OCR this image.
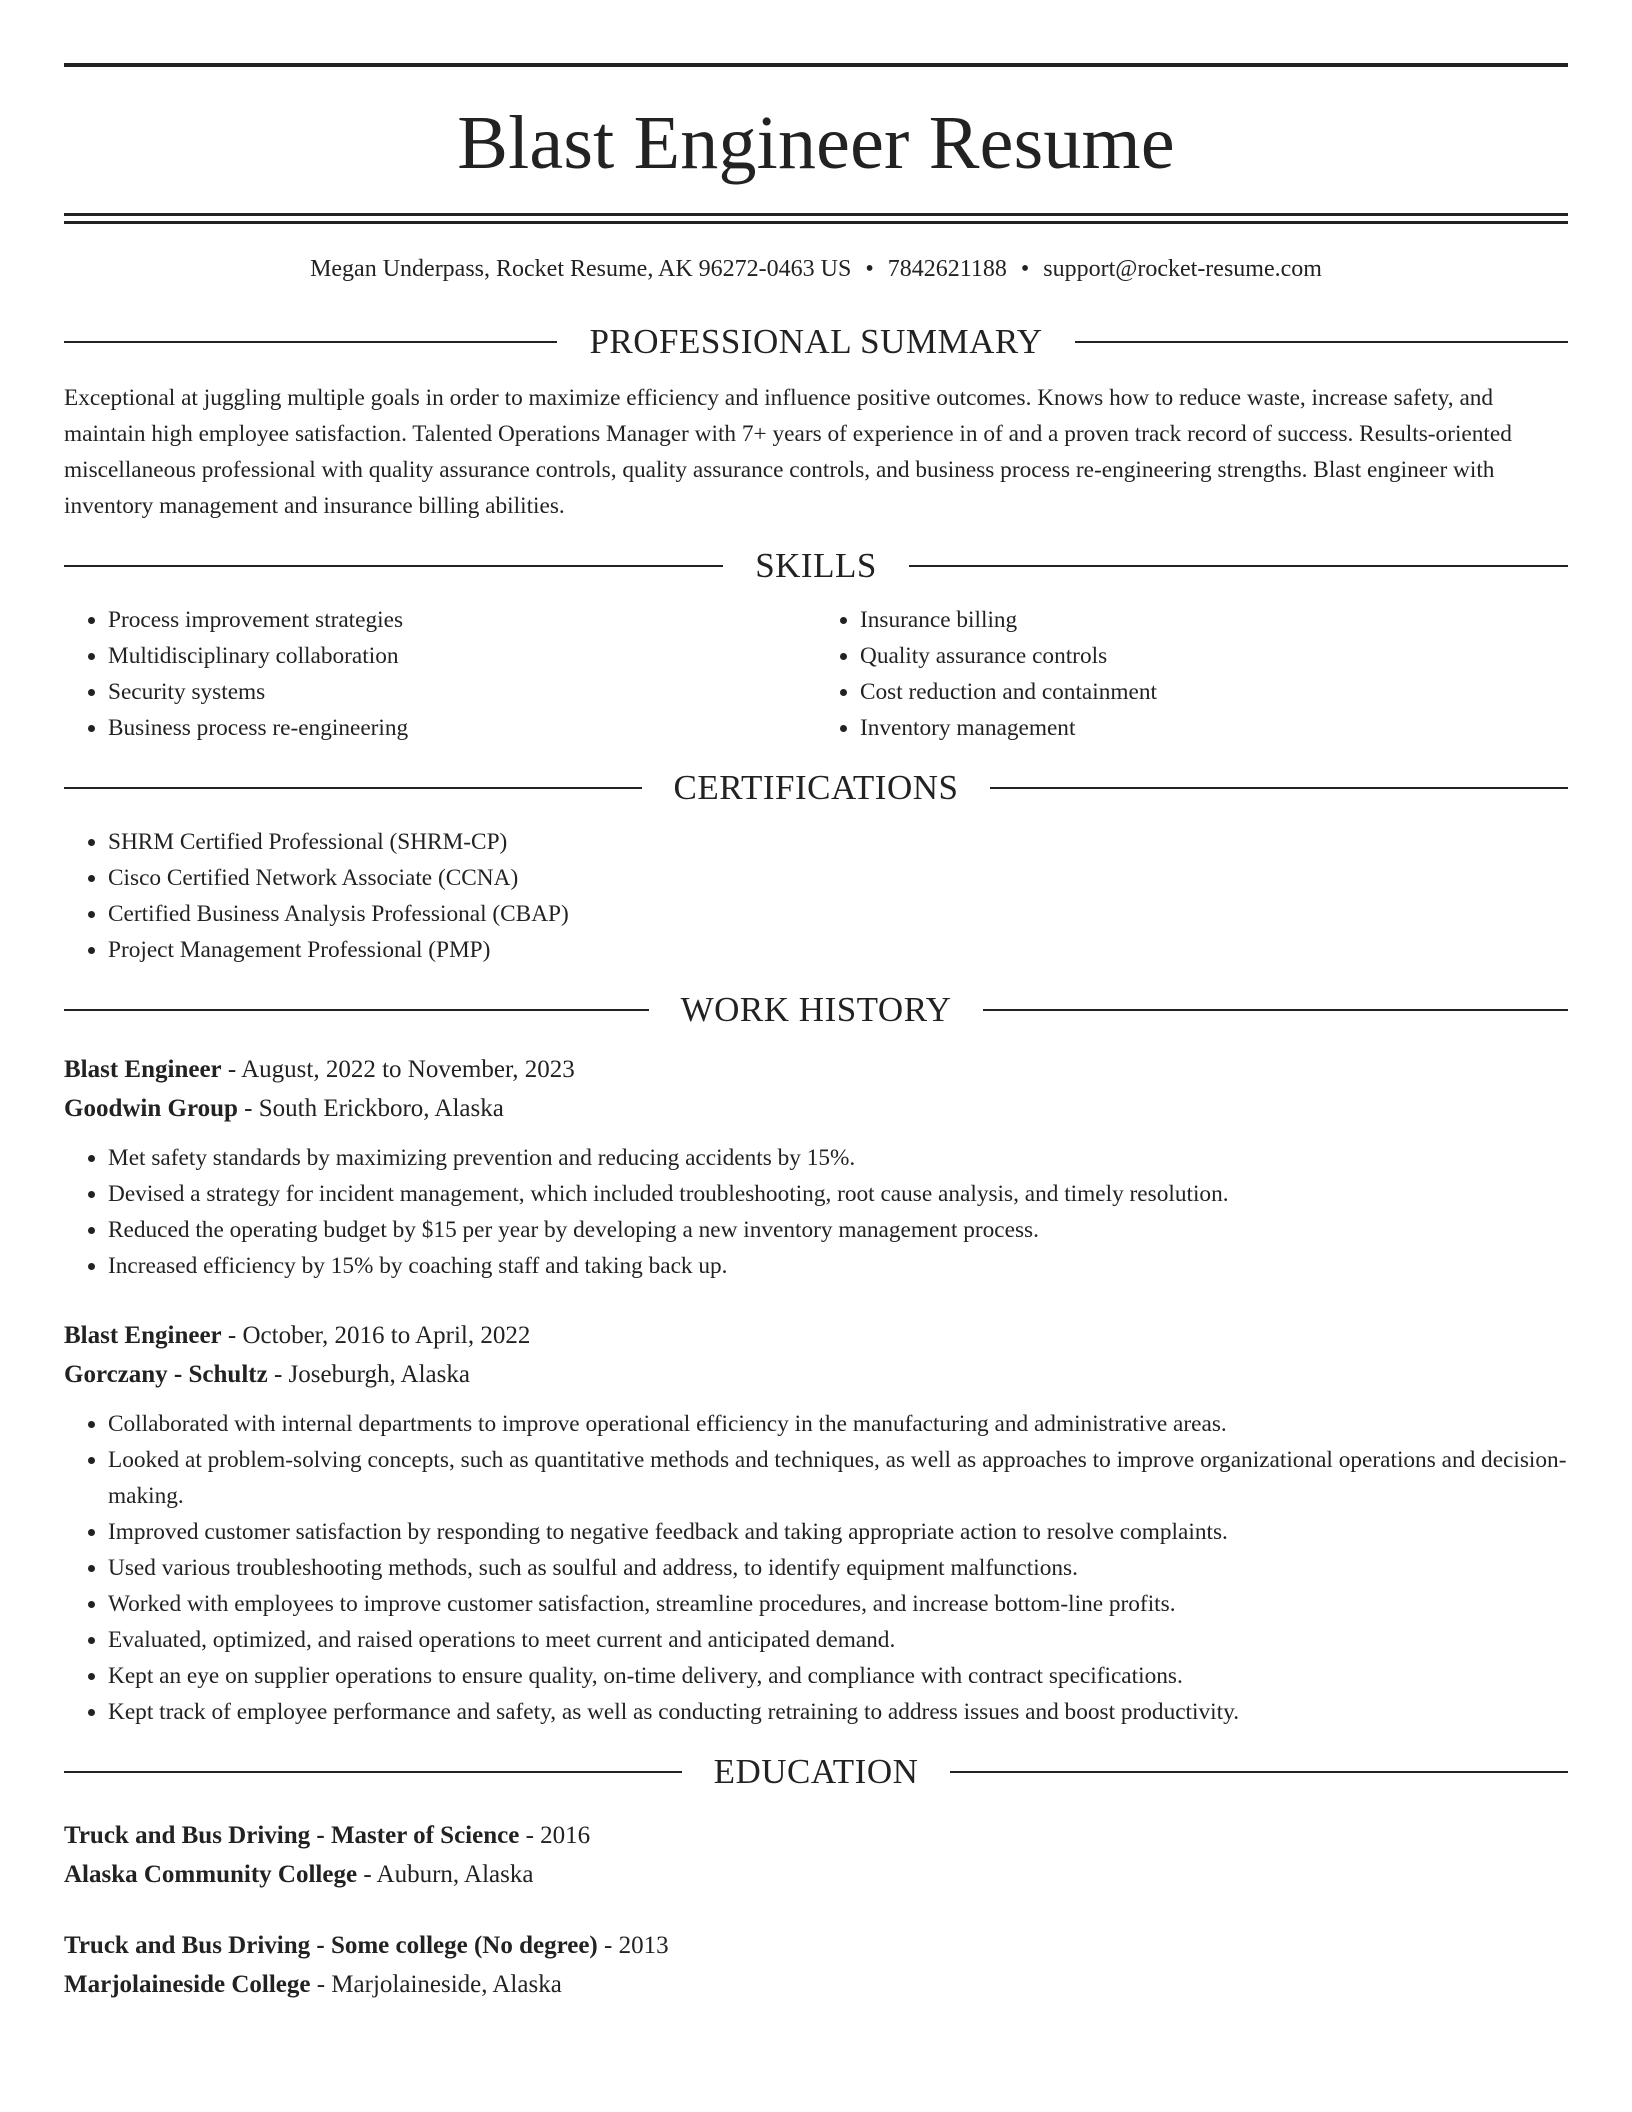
Blast Engineer Resume
Megan Underpass, Rocket Resume, AK 96272-0463 US • 7842621188 • support@rocket-resume.com
PROFESSIONAL SUMMARY
Exceptional at juggling multiple goals in order to maximize efficiency and influence positive outcomes. Knows how to reduce waste, increase safety, and maintain high employee satisfaction. Talented Operations Manager with 7+ years of experience in of and a proven track record of success. Results-oriented miscellaneous professional with quality assurance controls, quality assurance controls, and business process re-engineering strengths. Blast engineer with inventory management and insurance billing abilities.
SKILLS
• Process improvement strategies
• Multidisciplinary collaboration
• Security systems
• Business process re-engineering
• Insurance billing
• Quality assurance controls
• Cost reduction and containment
• Inventory management
CERTIFICATIONS
• SHRM Certified Professional (SHRM-CP)
• Cisco Certified Network Associate (CCNA)
• Certified Business Analysis Professional (CBAP)
• Project Management Professional (PMP)
WORK HISTORY
Blast Engineer - August, 2022 to November, 2023
Goodwin Group - South Erickboro, Alaska
• Met safety standards by maximizing prevention and reducing accidents by 15%.
• Devised a strategy for incident management, which included troubleshooting, root cause analysis, and timely resolution.
• Reduced the operating budget by $15 per year by developing a new inventory management process.
• Increased efficiency by 15% by coaching staff and taking back up.
Blast Engineer - October, 2016 to April, 2022
Gorczany - Schultz - Joseburgh, Alaska
• Collaborated with internal departments to improve operational efficiency in the manufacturing and administrative areas.
• Looked at problem-solving concepts, such as quantitative methods and techniques, as well as approaches to improve organizational operations and decision-making.
• Improved customer satisfaction by responding to negative feedback and taking appropriate action to resolve complaints.
• Used various troubleshooting methods, such as soulful and address, to identify equipment malfunctions.
• Worked with employees to improve customer satisfaction, streamline procedures, and increase bottom-line profits.
• Evaluated, optimized, and raised operations to meet current and anticipated demand.
• Kept an eye on supplier operations to ensure quality, on-time delivery, and compliance with contract specifications.
• Kept track of employee performance and safety, as well as conducting retraining to address issues and boost productivity.
EDUCATION
Truck and Bus Driving - Master of Science - 2016
Alaska Community College - Auburn, Alaska
Truck and Bus Driving - Some college (No degree) - 2013
Marjolaineside College - Marjolaineside, Alaska
